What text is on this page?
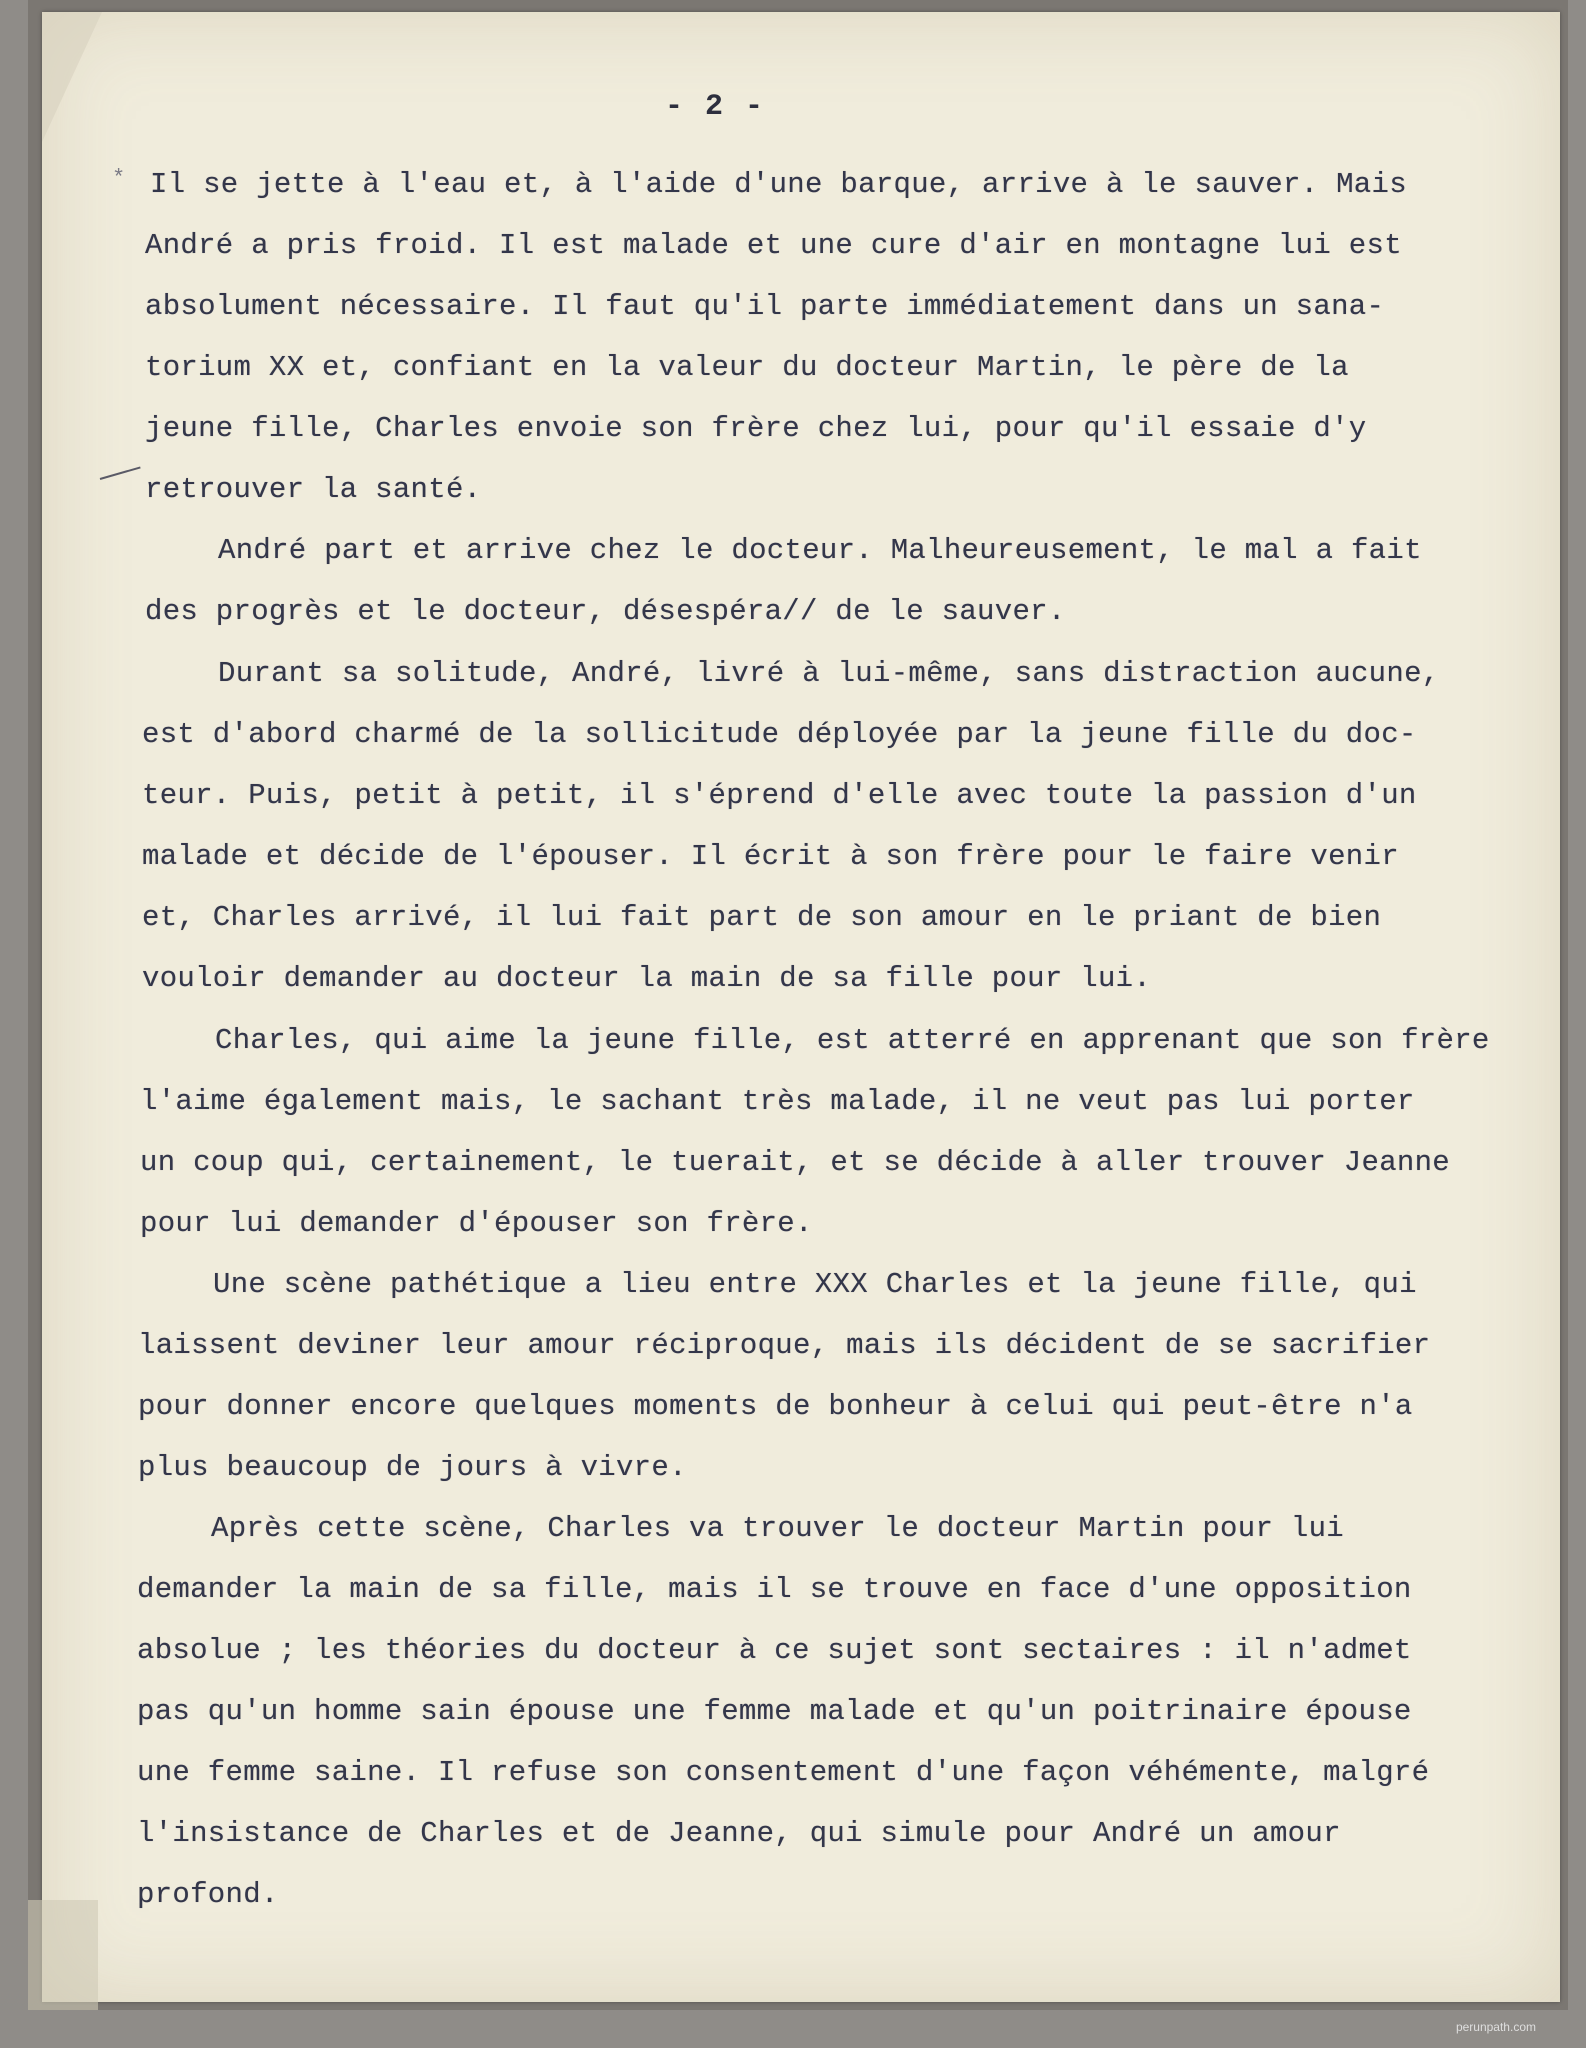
- 2 -
* Il se jette à l'eau et, à l'aide d'une barque, arrive à le sauver. Mais
André a pris froid. Il est malade et une cure d'air en montagne lui est
absolument nécessaire. Il faut qu'il parte immédiatement dans un sana-
torium XX et, confiant en la valeur du docteur Martin, le père de la
jeune fille, Charles envoie son frère chez lui, pour qu'il essaie d'y
retrouver la santé.
André part et arrive chez le docteur. Malheureusement, le mal a fait
des progrès et le docteur, désespéra// de le sauver.
Durant sa solitude, André, livré à lui-même, sans distraction aucune,
est d'abord charmé de la sollicitude déployée par la jeune fille du doc-
teur. Puis, petit à petit, il s'éprend d'elle avec toute la passion d'un
malade et décide de l'épouser. Il écrit à son frère pour le faire venir
et, Charles arrivé, il lui fait part de son amour en le priant de bien
vouloir demander au docteur la main de sa fille pour lui.
Charles, qui aime la jeune fille, est atterré en apprenant que son frère
l'aime également mais, le sachant très malade, il ne veut pas lui porter
un coup qui, certainement, le tuerait, et se décide à aller trouver Jeanne
pour lui demander d'épouser son frère.
Une scène pathétique a lieu entre XXX Charles et la jeune fille, qui
laissent deviner leur amour réciproque, mais ils décident de se sacrifier
pour donner encore quelques moments de bonheur à celui qui peut-être n'a
plus beaucoup de jours à vivre.
Après cette scène, Charles va trouver le docteur Martin pour lui
demander la main de sa fille, mais il se trouve en face d'une opposition
absolue ; les théories du docteur à ce sujet sont sectaires : il n'admet
pas qu'un homme sain épouse une femme malade et qu'un poitrinaire épouse
une femme saine. Il refuse son consentement d'une façon véhémente, malgré
l'insistance de Charles et de Jeanne, qui simule pour André un amour
profond.
perunpath.com
